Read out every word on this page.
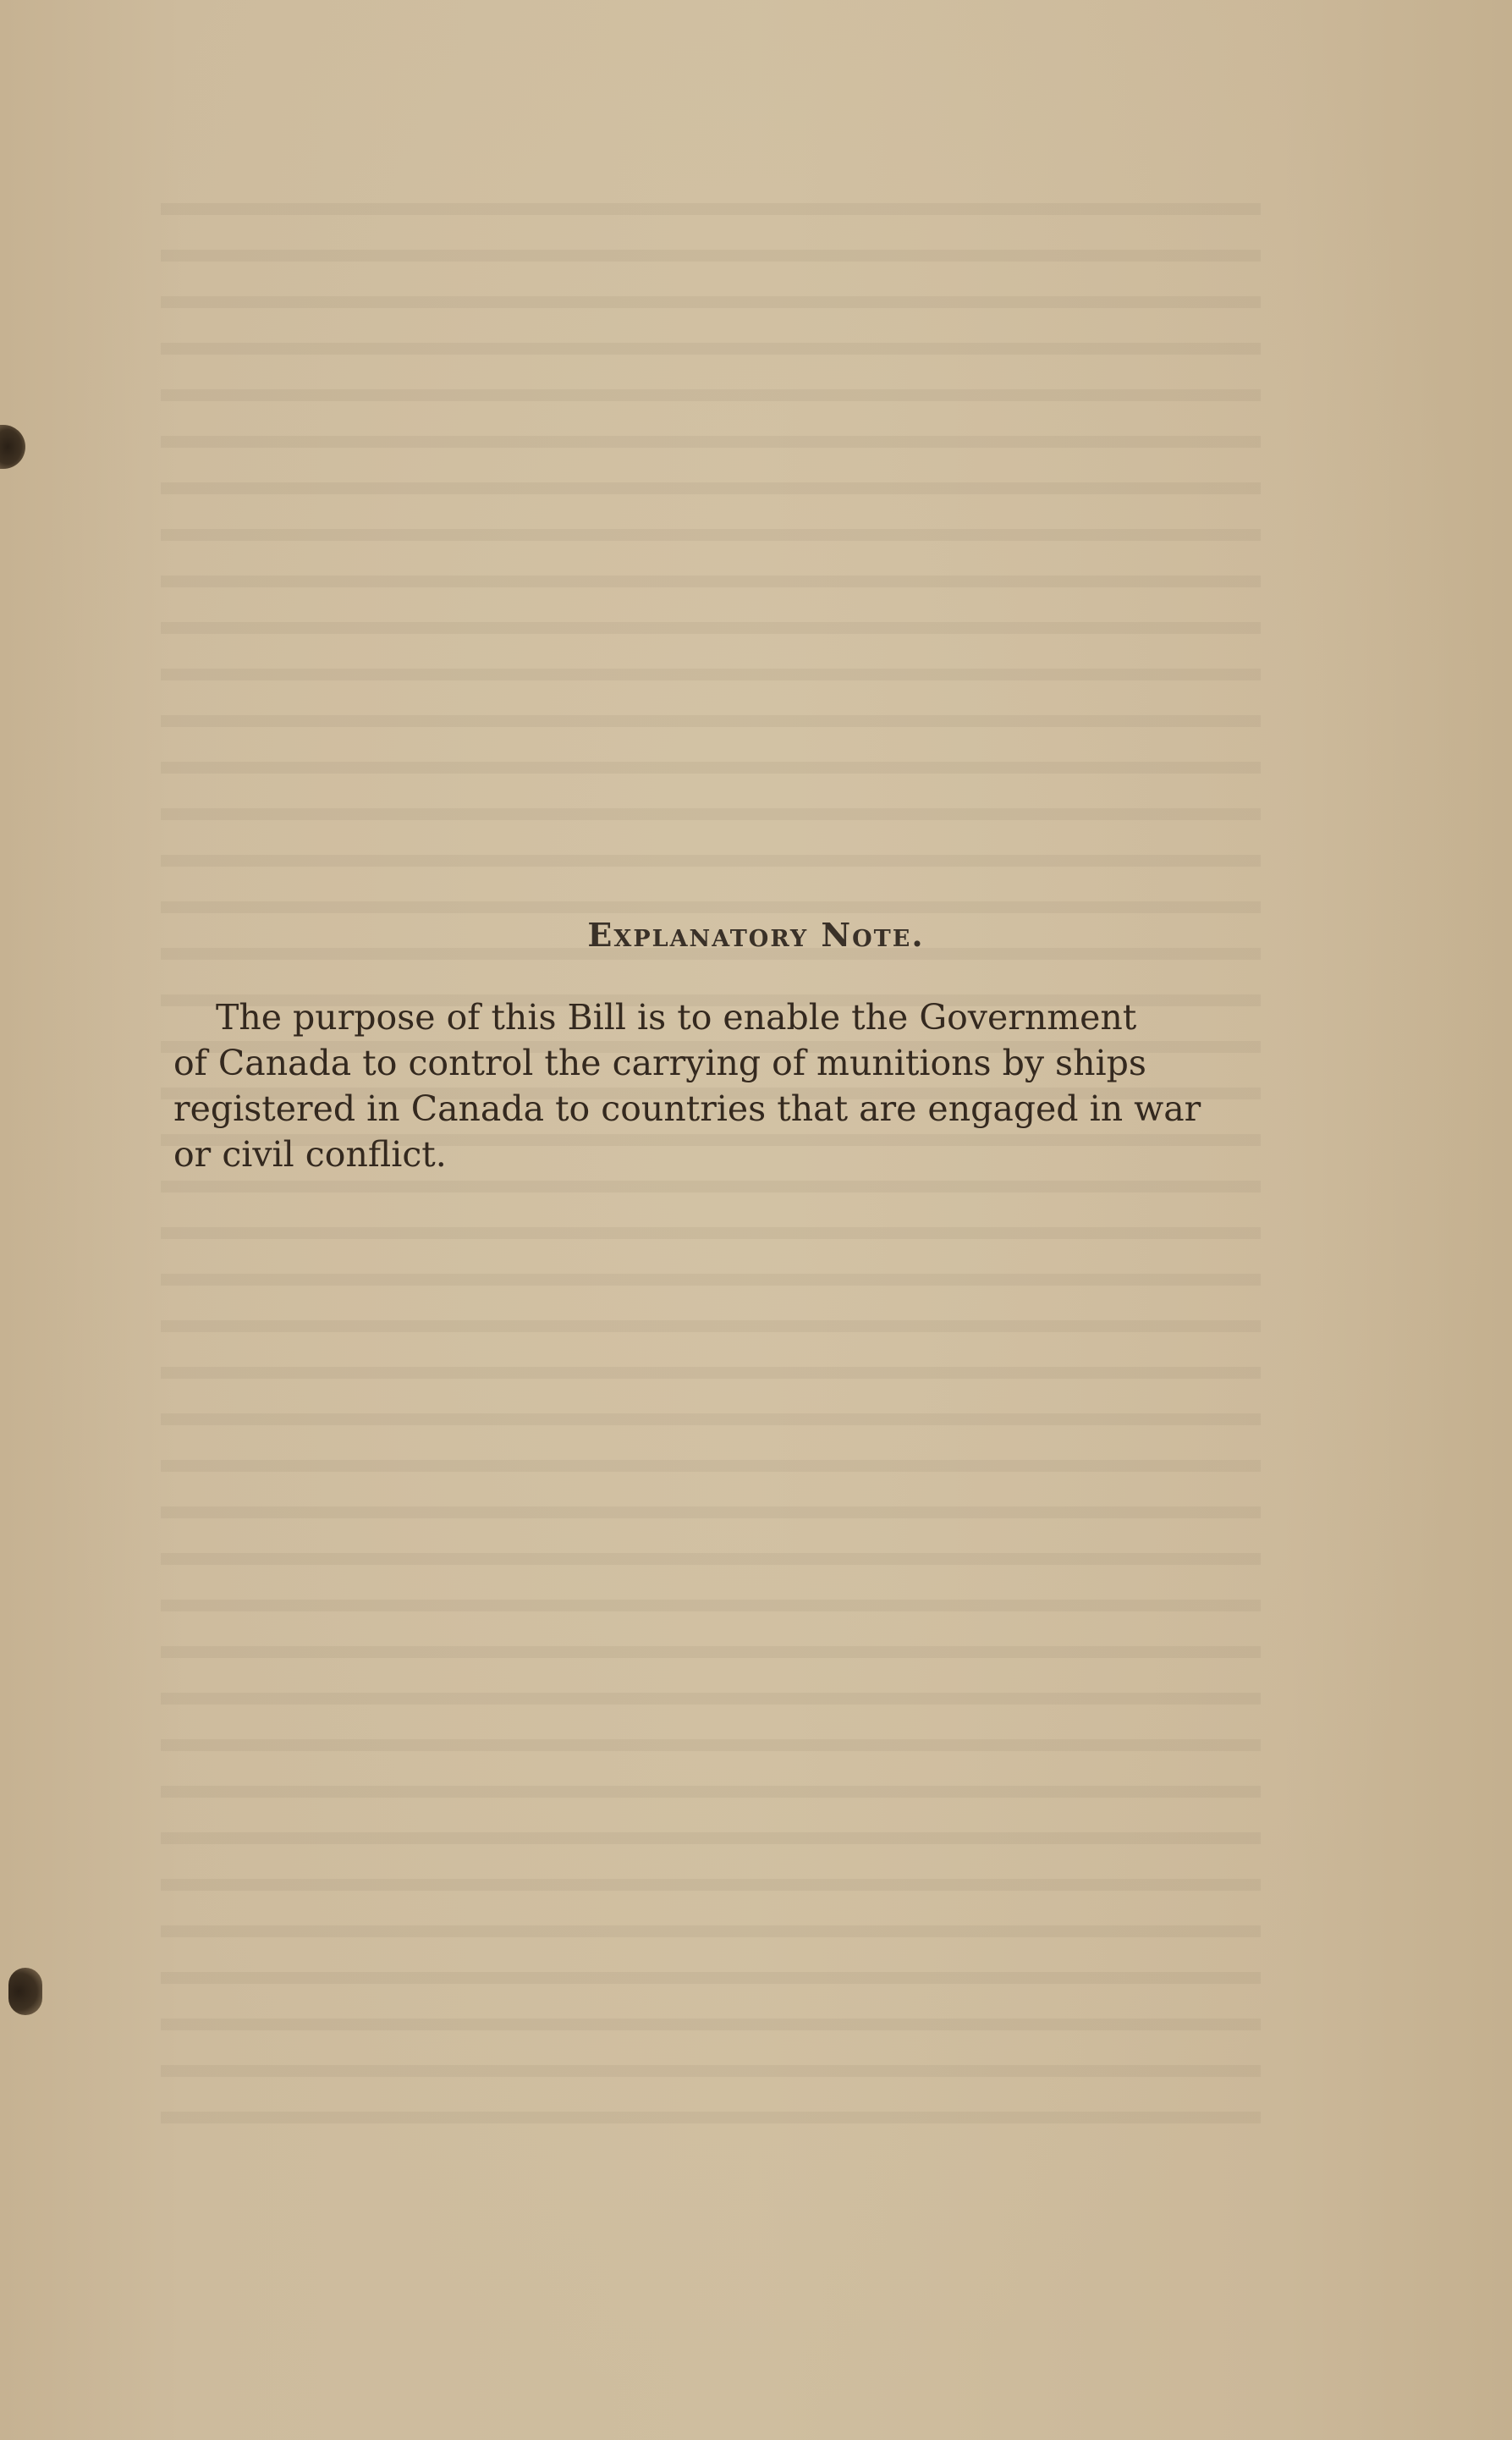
Explanatory Note.

The purpose of this Bill is to enable the Government
of Canada to control the carrying of munitions by ships
registered in Canada to countries that are engaged in war
or civil conflict.
